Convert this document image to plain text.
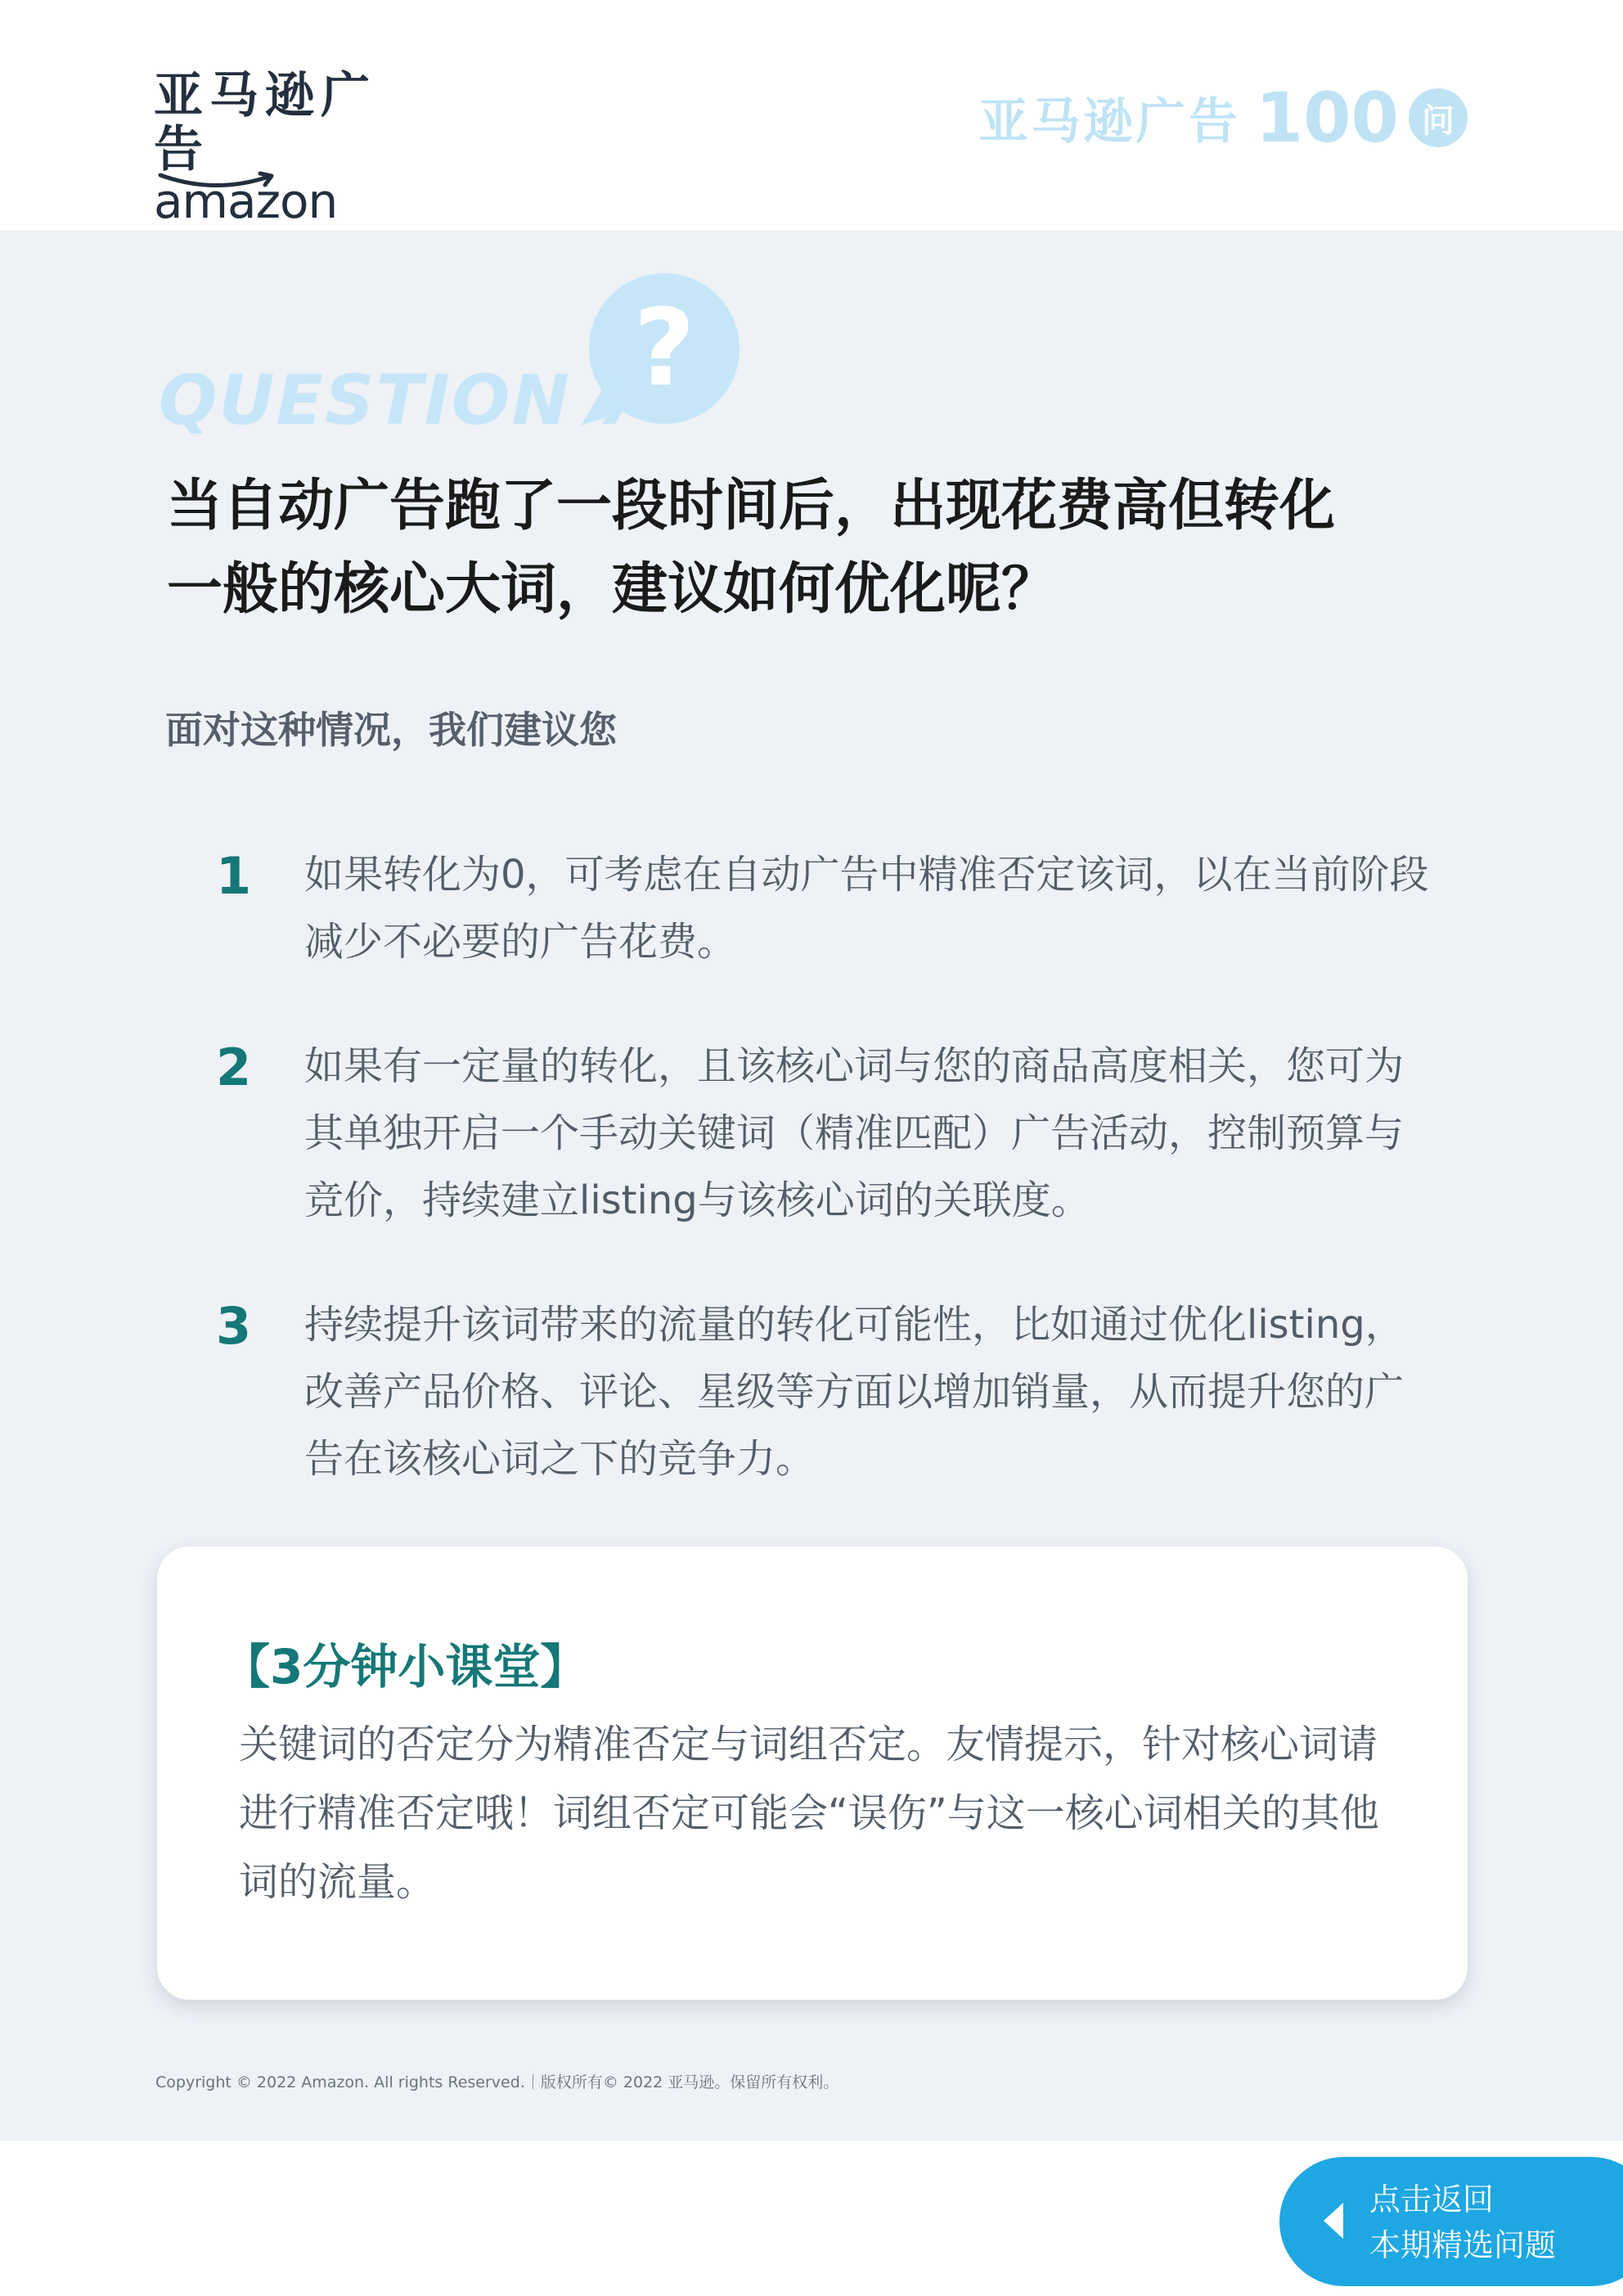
亚马逊广告
amazon
亚马逊广告 100 问
?
QUESTION 7
当自动广告跑了一段时间后，出现花费高但转化
一般的核心大词，建议如何优化呢？
面对这种情况，我们建议您
1 如果转化为0，可考虑在自动广告中精准否定该词，以在当前阶段减少不必要的广告花费。
2 如果有一定量的转化，且该核心词与您的商品高度相关，您可为其单独开启一个手动关键词（精准匹配）广告活动，控制预算与竞价，持续建立listing与该核心词的关联度。
3 持续提升该词带来的流量的转化可能性，比如通过优化listing，改善产品价格、评论、星级等方面以增加销量，从而提升您的广告在该核心词之下的竞争力。
【3分钟小课堂】
关键词的否定分为精准否定与词组否定。友情提示，针对核心词请进行精准否定哦！词组否定可能会“误伤”与这一核心词相关的其他词的流量。
Copyright © 2022 Amazon. All rights Reserved.｜版权所有© 2022 亚马逊。保留所有权利。
点击返回
本期精选问题
